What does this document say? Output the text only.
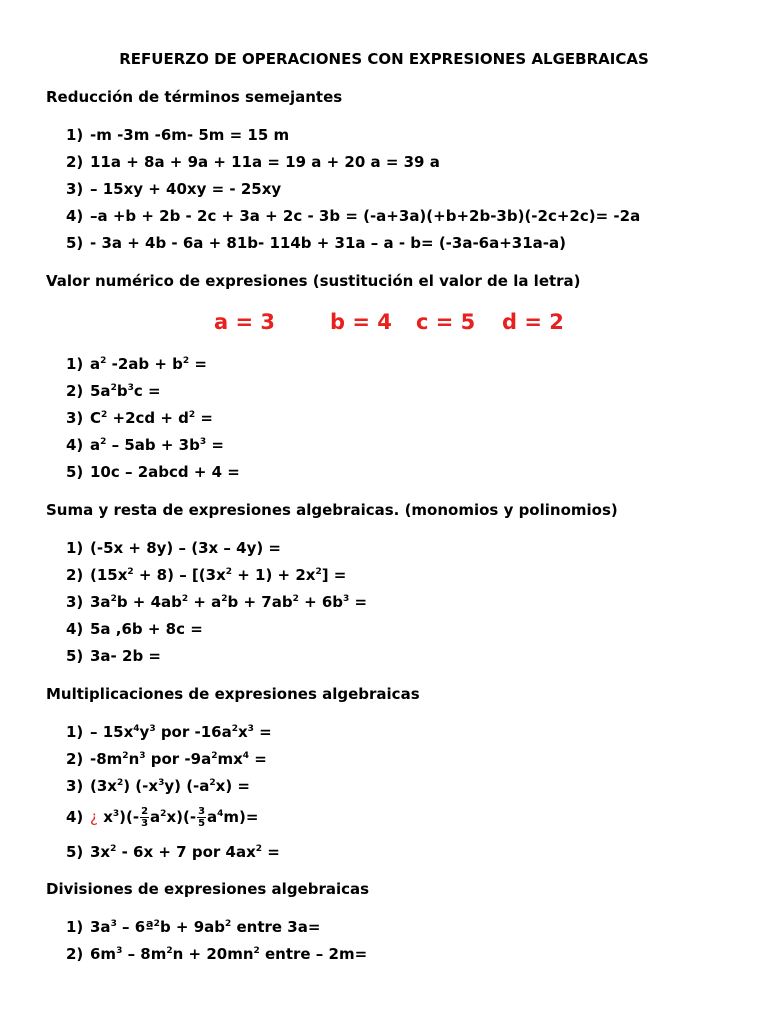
REFUERZO DE OPERACIONES CON EXPRESIONES ALGEBRAICAS
Reducción de términos semejantes
1) -m -3m -6m- 5m = 15 m
2) 11a + 8a + 9a + 11a = 19 a + 20 a = 39 a
3) – 15xy + 40xy = - 25xy
4) –a +b + 2b - 2c + 3a + 2c - 3b = (-a+3a)(+b+2b-3b)(-2c+2c)= -2a
5) - 3a + 4b - 6a + 81b- 114b + 31a – a - b= (-3a-6a+31a-a)
Valor numérico de expresiones (sustitución el valor de la letra)
a = 3	b = 4 c = 5 d = 2
1) $a^2$ $-2ab + b^2$ =
2) $5a^2b^3c$ =
3) $C^2 +2cd + d^2$ =
4) $a^2 - 5ab + 3b^3$ =
5) 10c – 2abcd + 4 =
Suma y resta de expresiones algebraicas. (monomios y polinomios)
1) (-5x + 8y) – (3x – 4y) =
2) $(15x^2 + 8) - [(3x^2 + 1) + 2x^2]$ =
3) $3a^2b + 4ab^2 + a^2b + 7ab^2 + 6b^3$ =
4) 5a ,6b + 8c =
5) 3a- 2b =
Multiplicaciones de expresiones algebraicas
$1) - 15x^4y^3$ por $-16a^2x^3$ =
2) $-8m^2n^3$ por $-9a^2mx^4$ =
3) $(3x^2)$ $(-x^3y) (-a^2x)$ =
4) ¿ $x^3)(- \frac{2}{3} a^2x)(- \frac{3}{5} a^4m)=$
5) $3x^2 - 6x + 7$ por $4ax^2$ =
Divisiones de expresiones algebraicas
1) $3a^3$ – 6ª$^2$b + $9ab^2$ entre 3a=
2) $6m^3 - 8m^2n + 20mn^2$ entre – 2m=
